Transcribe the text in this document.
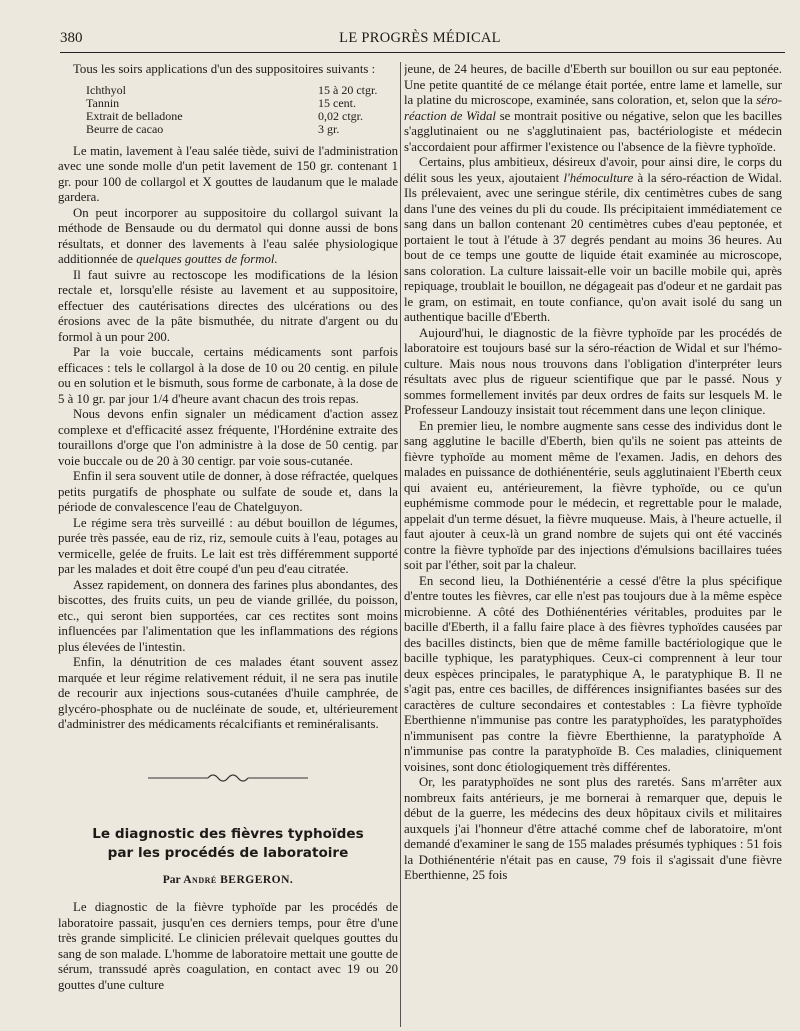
380	LE PROGRÈS MÉDICAL

Tous les soirs applications d'un des suppositoires suivants :

Ichthyol	15 à 20 ctgr.
Tannin	15 cent.
Extrait de belladone	0,02 ctgr.
Beurre de cacao	3 gr.

Le matin, lavement à l'eau salée tiède, suivi de l'administration avec une sonde molle d'un petit lavement de 150 gr. contenant 1 gr. pour 100 de collargol et X gouttes de laudanum que le malade gardera.

On peut incorporer au suppositoire du collargol suivant la méthode de Bensaude ou du dermatol qui donne aussi de bons résultats, et donner des lavements à l'eau salée physiologique additionnée de quelques gouttes de formol.

Il faut suivre au rectoscope les modifications de la lésion rectale et, lorsqu'elle résiste au lavement et au suppositoire, effectuer des cautérisations directes des ulcérations ou des érosions avec de la pâte bismuthée, du nitrate d'argent ou du formol à un pour 200.

Par la voie buccale, certains médicaments sont parfois efficaces : tels le collargol à la dose de 10 ou 20 centig. en pilule ou en solution et le bismuth, sous forme de carbonate, à la dose de 5 à 10 gr. par jour 1/4 d'heure avant chacun des trois repas.

Nous devons enfin signaler un médicament d'action assez complexe et d'efficacité assez fréquente, l'Hordénine extraite des touraillons d'orge que l'on administre à la dose de 50 centig. par voie buccale ou de 20 à 30 centigr. par voie sous-cutanée.

Enfin il sera souvent utile de donner, à dose réfractée, quelques petits purgatifs de phosphate ou sulfate de soude et, dans la période de convalescence l'eau de Chatelguyon.

Le régime sera très surveillé : au début bouillon de légumes, purée très passée, eau de riz, riz, semoule cuits à l'eau, potages au vermicelle, gelée de fruits. Le lait est très différemment supporté par les malades et doit être coupé d'un peu d'eau citratée.

Assez rapidement, on donnera des farines plus abondantes, des biscottes, des fruits cuits, un peu de viande grillée, du poisson, etc., qui seront bien supportées, car ces rectites sont moins influencées par l'alimentation que les inflammations des régions plus élevées de l'intestin.

Enfin, la dénutrition de ces malades étant souvent assez marquée et leur régime relativement réduit, il ne sera pas inutile de recourir aux injections sous-cutanées d'huile camphrée, de glycéro-phosphate ou de nucléinate de soude, et, ultérieurement d'administrer des médicaments récalcifiants et reminéralisants.

Le diagnostic des fièvres typhoïdes
par les procédés de laboratoire
Par André BERGERON.

Le diagnostic de la fièvre typhoïde par les procédés de laboratoire passait, jusqu'en ces derniers temps, pour être d'une très grande simplicité. Le clinicien prélevait quelques gouttes du sang de son malade. L'homme de laboratoire mettait une goutte de sérum, transsudé après coagulation, en contact avec 19 ou 20 gouttes d'une culture

jeune, de 24 heures, de bacille d'Eberth sur bouillon ou sur eau peptonée. Une petite quantité de ce mélange était portée, entre lame et lamelle, sur la platine du microscope, examinée, sans coloration, et, selon que la séro-réaction de Widal se montrait positive ou négative, selon que les bacilles s'agglutinaient ou ne s'agglutinaient pas, bactériologiste et médecin s'accordaient pour affirmer l'existence ou l'absence de la fièvre typhoïde.

Certains, plus ambitieux, désireux d'avoir, pour ainsi dire, le corps du délit sous les yeux, ajoutaient l'hémoculture à la séro-réaction de Widal. Ils prélevaient, avec une seringue stérile, dix centimètres cubes de sang dans l'une des veines du pli du coude. Ils précipitaient immédiatement ce sang dans un ballon contenant 20 centimètres cubes d'eau peptonée, et portaient le tout à l'étude à 37 degrés pendant au moins 36 heures. Au bout de ce temps une goutte de liquide était examinée au microscope, sans coloration. La culture laissait-elle voir un bacille mobile qui, après repiquage, troublait le bouillon, ne dégageait pas d'odeur et ne gardait pas le gram, on estimait, en toute confiance, qu'on avait isolé du sang un authentique bacille d'Eberth.

Aujourd'hui, le diagnostic de la fièvre typhoïde par les procédés de laboratoire est toujours basé sur la séro-réaction de Widal et sur l'hémo-culture. Mais nous nous trouvons dans l'obligation d'interpréter leurs résultats avec plus de rigueur scientifique que par le passé. Nous y sommes formellement invités par deux ordres de faits sur lesquels M. le Professeur Landouzy insistait tout récemment dans une leçon clinique.

En premier lieu, le nombre augmente sans cesse des individus dont le sang agglutine le bacille d'Eberth, bien qu'ils ne soient pas atteints de fièvre typhoïde au moment même de l'examen. Jadis, en dehors des malades en puissance de dothiénentérie, seuls agglutinaient l'Eberth ceux qui avaient eu, antérieurement, la fièvre typhoïde, ou ce qu'un euphémisme commode pour le médecin, et regrettable pour le malade, appelait d'un terme désuet, la fièvre muqueuse. Mais, à l'heure actuelle, il faut ajouter à ceux-là un grand nombre de sujets qui ont été vaccinés contre la fièvre typhoïde par des injections d'émulsions bacillaires tuées soit par l'éther, soit par la chaleur.

En second lieu, la Dothiénentérie a cessé d'être la plus spécifique d'entre toutes les fièvres, car elle n'est pas toujours due à la même espèce microbienne. A côté des Dothiénentéries véritables, produites par le bacille d'Eberth, il a fallu faire place à des fièvres typhoïdes causées par des bacilles distincts, bien que de même famille bactériologique que le bacille typhique, les paratyphiques. Ceux-ci comprennent à leur tour deux espèces principales, le paratyphique A, le paratyphique B. Il ne s'agit pas, entre ces bacilles, de différences insignifiantes basées sur des caractères de culture secondaires et contestables : La fièvre typhoïde Eberthienne n'immunise pas contre les paratyphoïdes, les paratyphoïdes n'immunisent pas contre la fièvre Eberthienne, la paratyphoïde A n'immunise pas contre la paratyphoïde B. Ces maladies, cliniquement voisines, sont donc étiologiquement très différentes.

Or, les paratyphoïdes ne sont plus des raretés. Sans m'arrêter aux nombreux faits antérieurs, je me bornerai à remarquer que, depuis le début de la guerre, les médecins des deux hôpitaux civils et militaires auxquels j'ai l'honneur d'être attaché comme chef de laboratoire, m'ont demandé d'examiner le sang de 155 malades présumés typhiques : 51 fois la Dothiénentérie n'était pas en cause, 79 fois il s'agissait d'une fièvre Eberthienne, 25 fois
